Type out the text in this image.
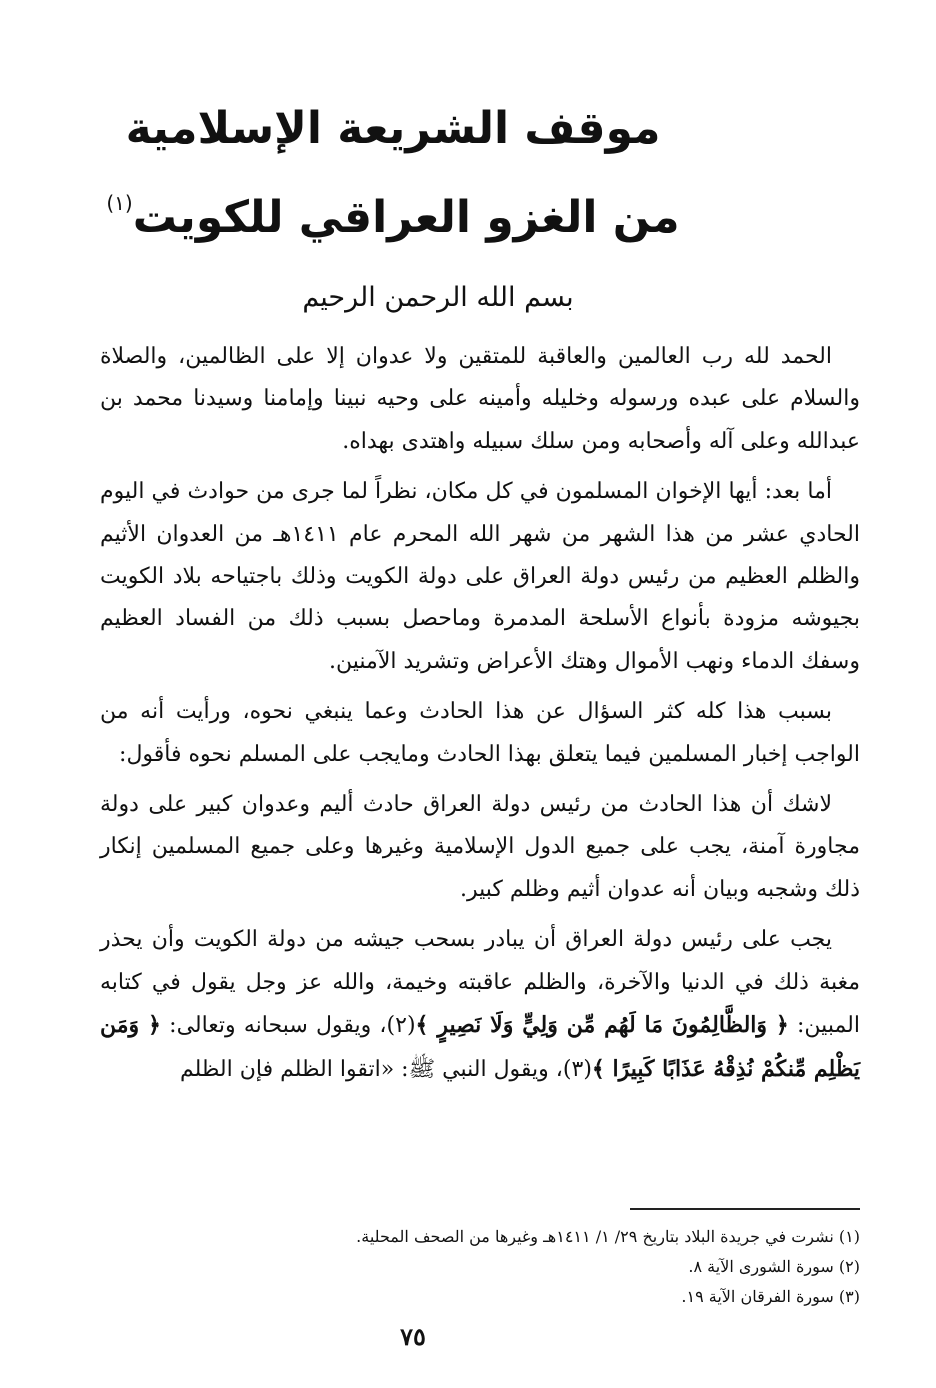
موقف الشريعة الإسلامية
من الغزو العراقي للكويت$^{(١)}$
بسم الله الرحمن الرحيم

الحمد لله رب العالمين والعاقبة للمتقين ولا عدوان إلا على الظالمين، والصلاة والسلام على عبده ورسوله وخليله وأمينه على وحيه نبينا وإمامنا وسيدنا محمد بن عبدالله وعلى آله وأصحابه ومن سلك سبيله واهتدى بهداه.

أما بعد: أيها الإخوان المسلمون في كل مكان، نظراً لما جرى من حوادث في اليوم الحادي عشر من هذا الشهر من شهر الله المحرم عام ١٤١١هـ من العدوان الأثيم والظلم العظيم من رئيس دولة العراق على دولة الكويت وذلك باجتياحه بلاد الكويت بجيوشه مزودة بأنواع الأسلحة المدمرة وماحصل بسبب ذلك من الفساد العظيم وسفك الدماء ونهب الأموال وهتك الأعراض وتشريد الآمنين.

بسبب هذا كله كثر السؤال عن هذا الحادث وعما ينبغي نحوه، ورأيت أنه من الواجب إخبار المسلمين فيما يتعلق بهذا الحادث ومايجب على المسلم نحوه فأقول:

لاشك أن هذا الحادث من رئيس دولة العراق حادث أليم وعدوان كبير على دولة مجاورة آمنة، يجب على جميع الدول الإسلامية وغيرها وعلى جميع المسلمين إنكار ذلك وشجبه وبيان أنه عدوان أثيم وظلم كبير.

يجب على رئيس دولة العراق أن يبادر بسحب جيشه من دولة الكويت وأن يحذر مغبة ذلك في الدنيا والآخرة، والظلم عاقبته وخيمة، والله عز وجل يقول في كتابه المبين: ﴿ وَالظَّالِمُونَ مَا لَهُم مِّن وَلِيٍّ وَلَا نَصِيرٍ ﴾(٢)، ويقول سبحانه وتعالى: ﴿ وَمَن يَظْلِم مِّنكُمْ نُذِقْهُ عَذَابًا كَبِيرًا ﴾(٣)، ويقول النبي ﷺ: «اتقوا الظلم فإن الظلم

(١) نشرت في جريدة البلاد بتاريخ ٢٩/ ١/ ١٤١١هـ وغيرها من الصحف المحلية.
(٢) سورة الشورى الآية ٨.
(٣) سورة الفرقان الآية ١٩.
٧٥
